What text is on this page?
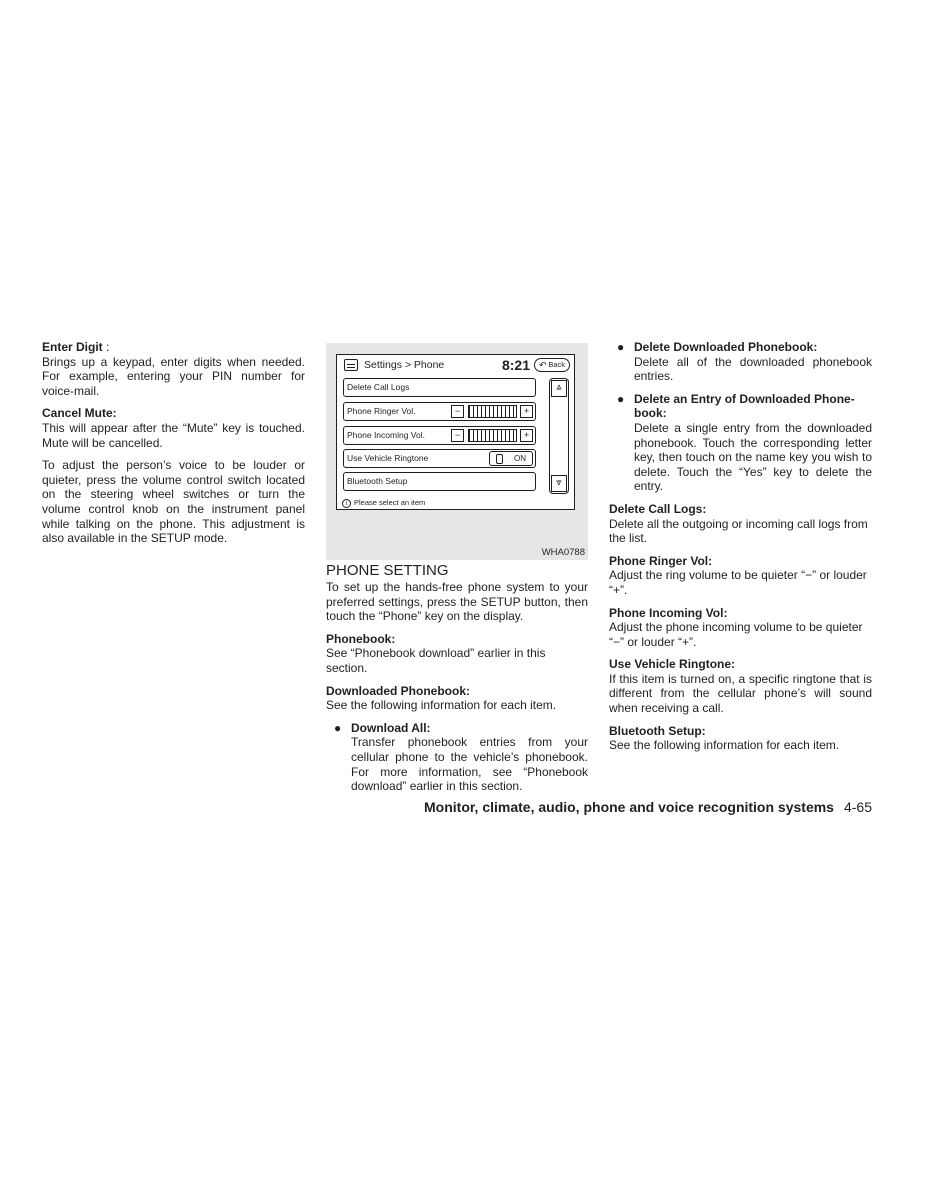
Enter Digit :

Brings up a keypad, enter digits when needed. For example, entering your PIN number for voice-mail.

Cancel Mute:

This will appear after the “Mute” key is touched. Mute will be cancelled.

To adjust the person’s voice to be louder or quieter, press the volume control switch located on the steering wheel switches or turn the volume control knob on the instrument panel while talking on the phone. This adjustment is also available in the SETUP mode.

Settings > Phone	8:21 ↶ Back
Delete Call Logs
Phone Ringer Vol.	−	+
Phone Incoming Vol.	−	+
Use Vehicle Ringtone	ON
Bluetooth Setup
⩓
⩔
i Please select an item
WHA0788

PHONE SETTING

To set up the hands-free phone system to your preferred settings, press the SETUP button, then touch the “Phone” key on the display.

Phonebook:

See “Phonebook download” earlier in this section.

Downloaded Phonebook:

See the following information for each item.

● Download All:

Transfer phonebook entries from your cellular phone to the vehicle’s phonebook. For more information, see “Phonebook download” earlier in this section.

● Delete Downloaded Phonebook:

Delete all of the downloaded phonebook entries.

● Delete an Entry of Downloaded Phone-book:

Delete a single entry from the downloaded phonebook. Touch the corresponding letter key, then touch on the name key you wish to delete. Touch the “Yes” key to delete the entry.

Delete Call Logs:

Delete all the outgoing or incoming call logs from the list.

Phone Ringer Vol:

Adjust the ring volume to be quieter “−” or louder “+”.

Phone Incoming Vol:

Adjust the phone incoming volume to be quieter “−” or louder “+”.

Use Vehicle Ringtone:

If this item is turned on, a specific ringtone that is different from the cellular phone’s will sound when receiving a call.

Bluetooth Setup:

See the following information for each item.

Monitor, climate, audio, phone and voice recognition systems 4-65
